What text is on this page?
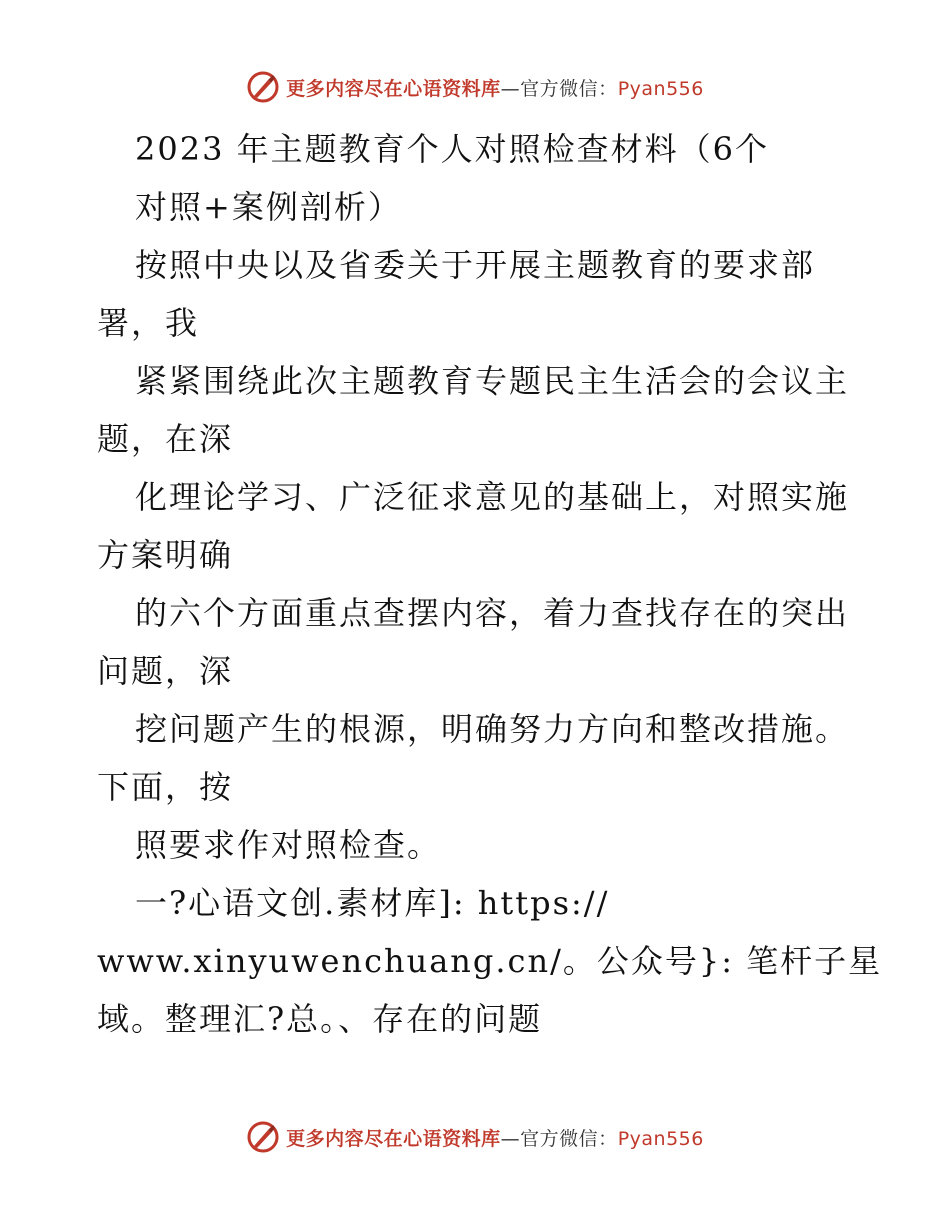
更多内容尽在心语资料库—官方微信：Pyan556
2023 年主题教育个人对照检查材料（6个
对照+案例剖析）
按照中央以及省委关于开展主题教育的要求部
署，我
紧紧围绕此次主题教育专题民主生活会的会议主
题，在深
化理论学习、广泛征求意见的基础上，对照实施
方案明确
的六个方面重点查摆内容，着力查找存在的突出
问题，深
挖问题产生的根源，明确努力方向和整改措施。
下面，按
照要求作对照检查。
一?心语文创.素材库]: https://
www.xinyuwenchuang.cn/。公众号}: 笔杆子星
域。整理汇?总。、存在的问题
更多内容尽在心语资料库—官方微信：Pyan556
